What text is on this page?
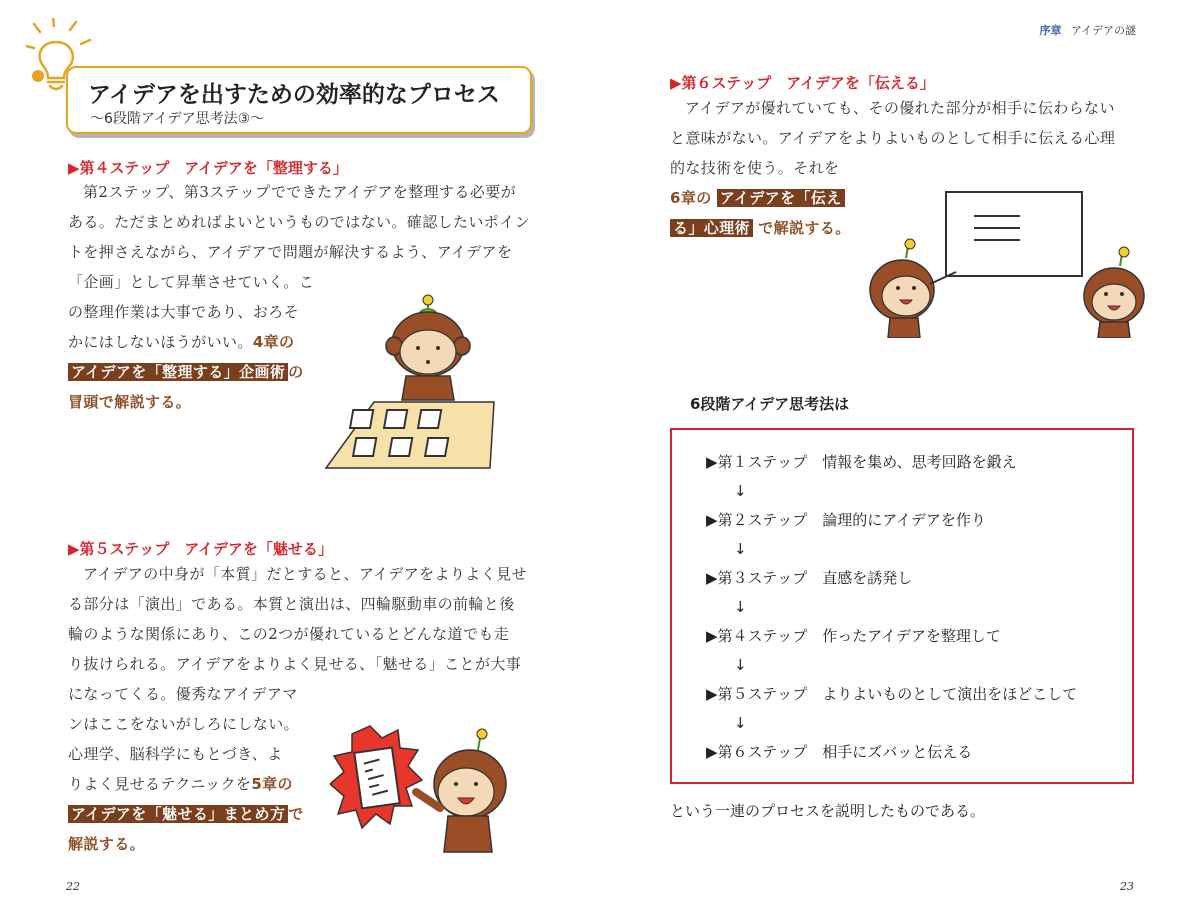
序章 アイデアの謎
アイデアを出すための効率的なプロセス
〜6段階アイデア思考法③〜
▶第４ステップ　アイデアを「整理する」
第2ステップ、第3ステップでできたアイデアを整理する必要が
ある。ただまとめればよいというものではない。確認したいポイン
トを押さえながら、アイデアで問題が解決するよう、アイデアを
「企画」として昇華させていく。こ
の整理作業は大事であり、おろそ
かにはしないほうがいい。4章の
アイデアを「整理する」企画術 の
冒頭で解説する。
▶第５ステップ　アイデアを「魅せる」
アイデアの中身が「本質」だとすると、アイデアをよりよく見せ
る部分は「演出」である。本質と演出は、四輪駆動車の前輪と後
輪のような関係にあり、この2つが優れているとどんな道でも走
り抜けられる。アイデアをよりよく見せる、「魅せる」ことが大事
になってくる。優秀なアイデアマ
ンはここをないがしろにしない。
心理学、脳科学にもとづき、よ
りよく見せるテクニックを5章の
アイデアを「魅せる」まとめ方 で
解説する。
▶第６ステップ　アイデアを「伝える」
アイデアが優れていても、その優れた部分が相手に伝わらない
と意味がない。アイデアをよりよいものとして相手に伝える心理
的な技術を使う。それを
6章の アイデアを「伝え
る」心理術 で解説する。
6段階アイデア思考法は
▶第１ステップ　情報を集め、思考回路を鍛え
↓
▶第２ステップ　論理的にアイデアを作り
↓
▶第３ステップ　直感を誘発し
↓
▶第４ステップ　作ったアイデアを整理して
↓
▶第５ステップ　よりよいものとして演出をほどこして
↓
▶第６ステップ　相手にズバッと伝える
という一連のプロセスを説明したものである。
22	23
